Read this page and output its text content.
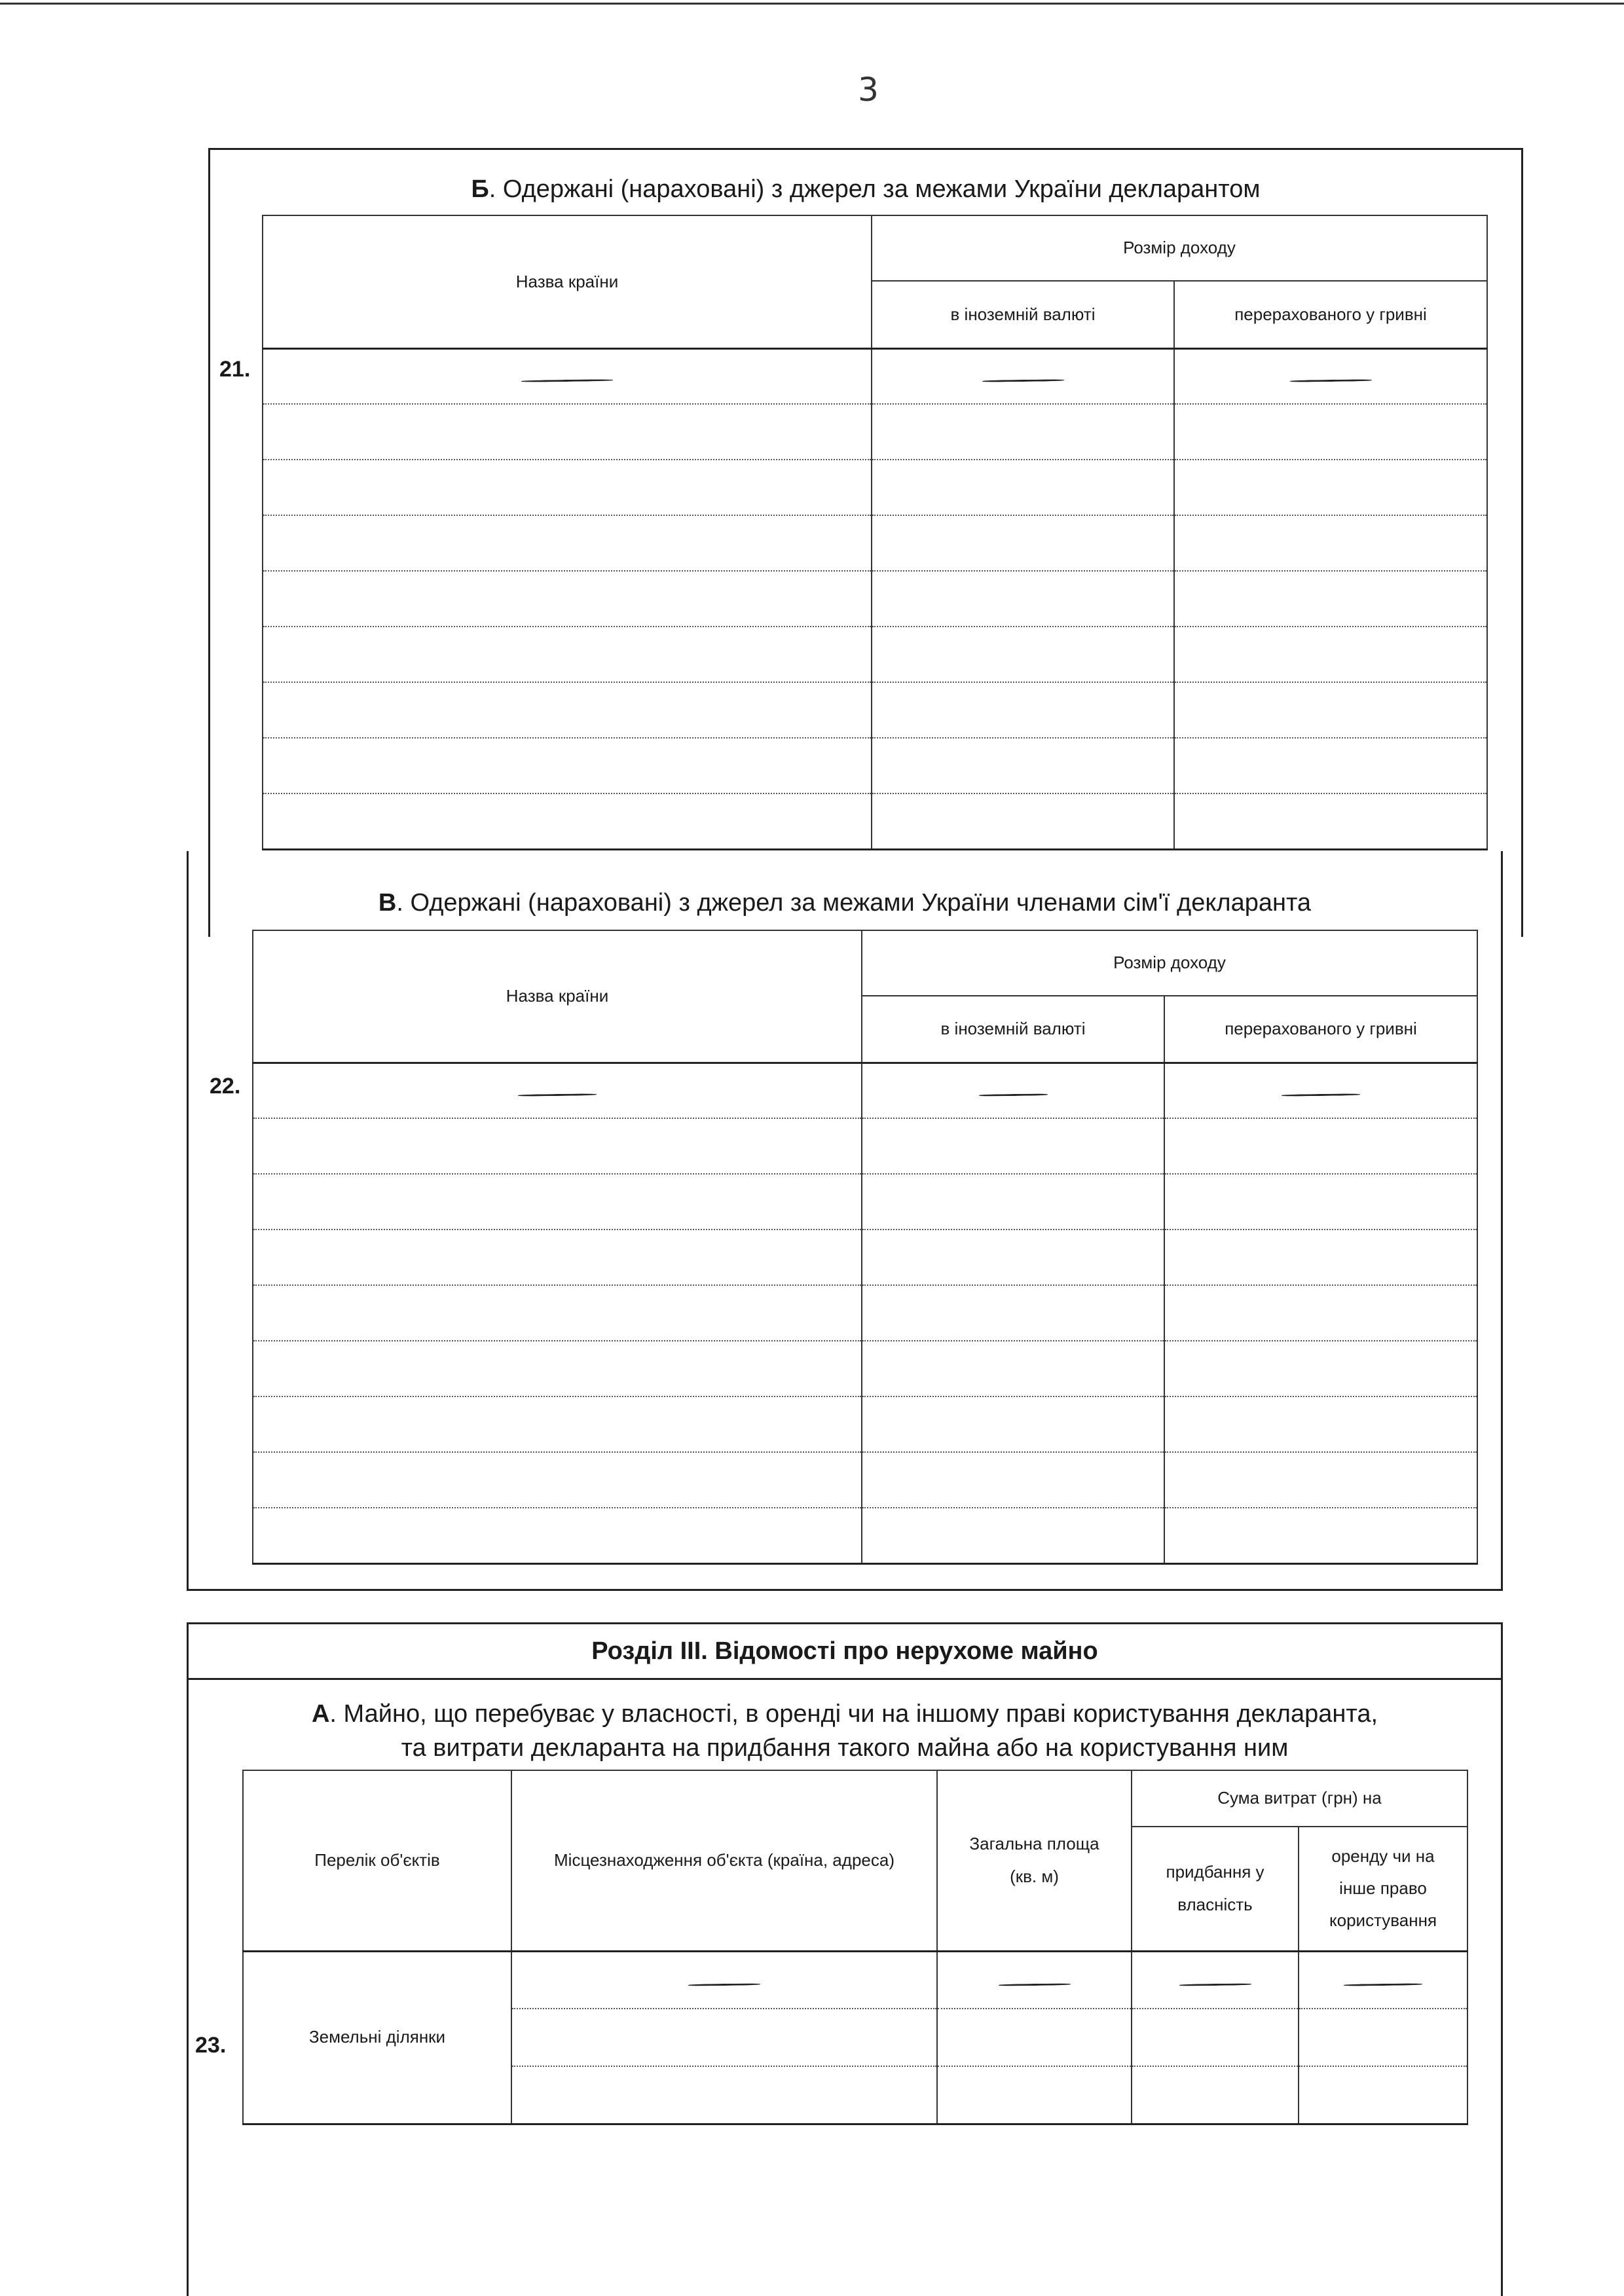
3
Б. Одержані (нараховані) з джерел за межами України декларантом
21.
Назва країни	Розмір доходу	
	в іноземній валюті	перерахованого у гривні

В. Одержані (нараховані) з джерел за межами України членами сім'ї декларанта
22.
Назва країни	Розмір доходу	
	в іноземній валюті	перерахованого у гривні

Розділ III. Відомості про нерухоме майно
А. Майно, що перебуває у власності, в оренді чи на іншому праві користування декларанта,
та витрати декларанта на придбання такого майна або на користування ним
23.
Перелік об'єктів	Місцезнаходження об'єкта (країна, адреса)	Загальна площа (кв. м)	Сума витрат (грн) на	
			придбання у власність	оренду чи на інше право користування
Земельні ділянки				
